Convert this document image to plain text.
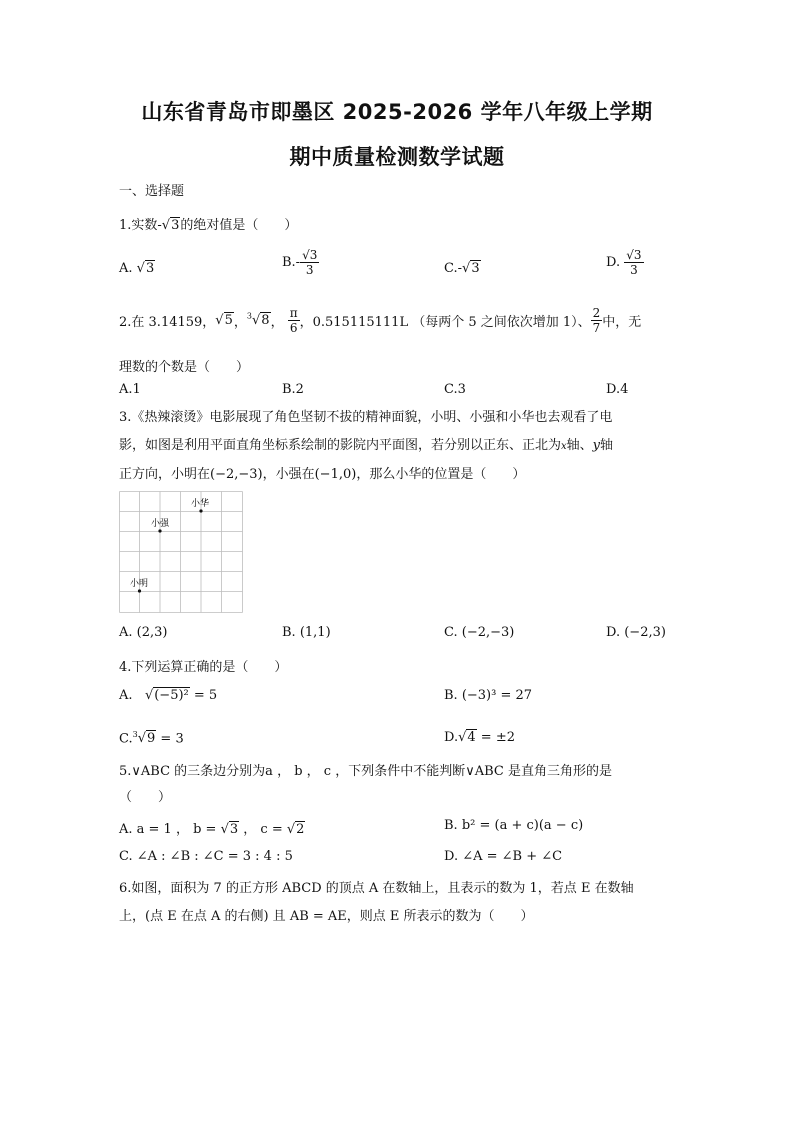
山东省青岛市即墨区 2025-2026 学年八年级上学期
期中质量检测数学试题
一、选择题
1.实数-√3的绝对值是（　　）
A. √3	$B.- \frac{√3}{3}$	C.-√3	D. $\frac{√3}{3}$
2.在 3.14159，√5，$^3$√8， $\frac{\pi}{6}$ ，0.515115111L （每两个 5 之间依次增加 1）、 $\frac{2}{7}$ 中，无
理数的个数是（　　）
A.1	B.2	C.3	D.4
3.《热辣滚烫》电影展现了角色坚韧不拔的精神面貌，小明、小强和小华也去观看了电
影，如图是利用平面直角坐标系绘制的影院内平面图，若分别以正东、正北为x轴、y轴
正方向，小明在(−2,−3)，小强在(−1,0)，那么小华的位置是（　　）
小华
小强
小明
A. (2,3)	B. (1,1)	C. (−2,−3)	D. (−2,3)
4.下列运算正确的是（　　）
A. √(−5)² = 5	B. (−3)³ = 27
C.$^3$√9 = 3	D.√4 = ±2
5.∨ABC 的三条边分别为a ， b ， c ，下列条件中不能判断∨ABC 是直角三角形的是
（　　）
A. a = 1 ， b = √3 ， c = √2	B. b² = (a + c)(a − c)
C. ∠A : ∠B : ∠C = 3 : 4 : 5	D. ∠A = ∠B + ∠C
6.如图，面积为 7 的正方形 ABCD 的顶点 A 在数轴上，且表示的数为 1，若点 E 在数轴
上，(点 E 在点 A 的右侧) 且 AB = AE，则点 E 所表示的数为（　　）
